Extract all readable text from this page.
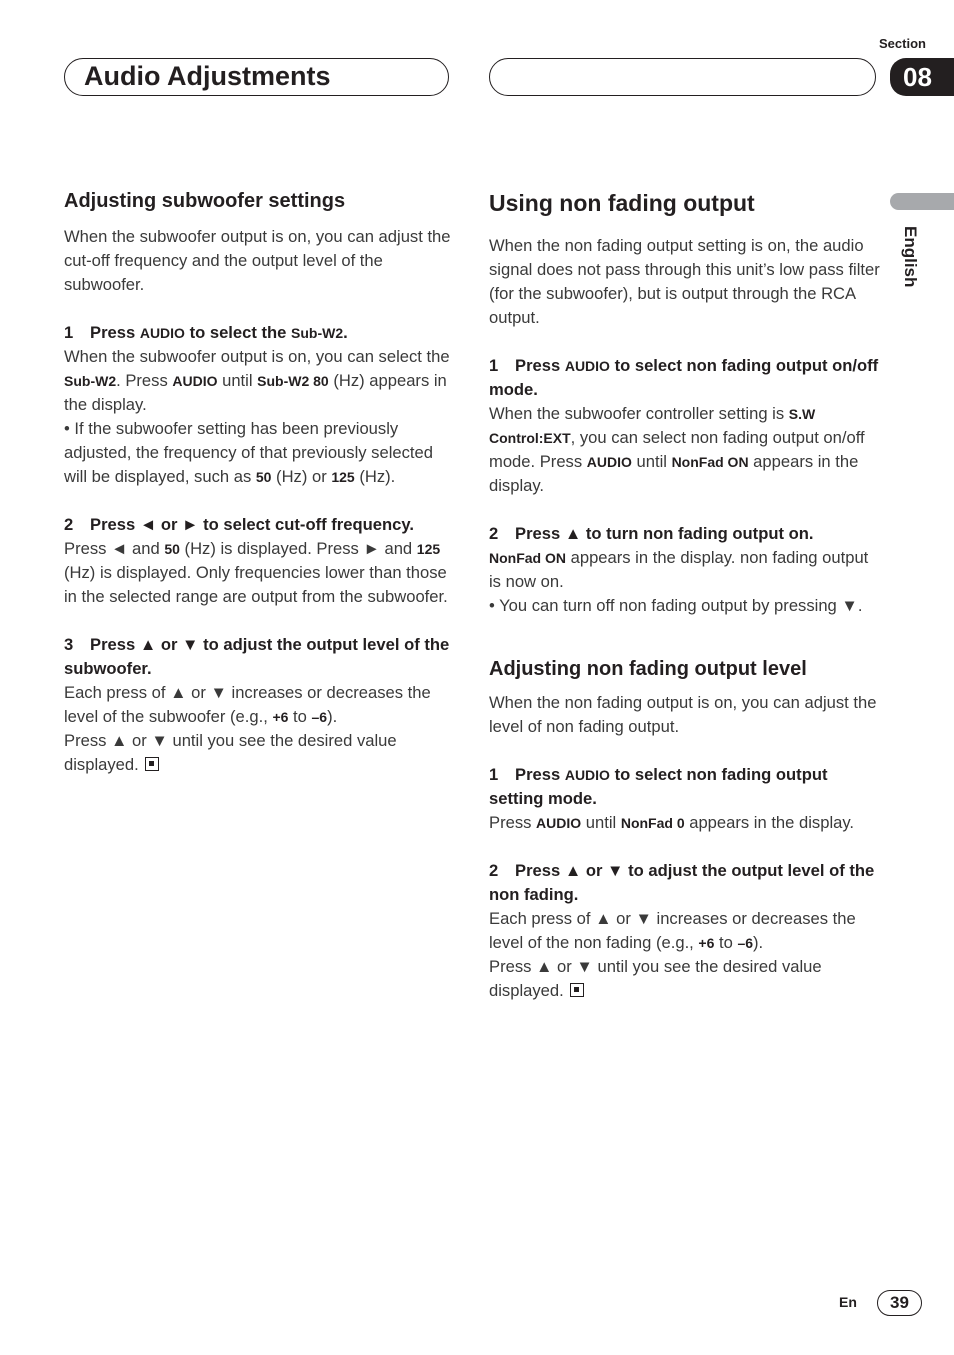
Section
Audio Adjustments	08
English
Adjusting subwoofer settings

When the subwoofer output is on, you can adjust the cut-off frequency and the output level of the subwoofer.

1 Press AUDIO to select the Sub-W2.

When the subwoofer output is on, you can select the Sub-W2. Press AUDIO until Sub-W2 80 (Hz) appears in the display.

• If the subwoofer setting has been previously adjusted, the frequency of that previously selected will be displayed, such as 50 (Hz) or 125 (Hz).

2 Press ◄ or ► to select cut-off frequency.

Press ◄ and 50 (Hz) is displayed. Press ► and 125 (Hz) is displayed. Only frequencies lower than those in the selected range are output from the subwoofer.

3 Press ▲ or ▼ to adjust the output level of the subwoofer.

Each press of ▲ or ▼ increases or decreases the level of the subwoofer (e.g., +6 to –6).
Press ▲ or ▼ until you see the desired value displayed.

Using non fading output

When the non fading output setting is on, the audio signal does not pass through this unit’s low pass filter (for the subwoofer), but is output through the RCA output.

1 Press AUDIO to select non fading output on/off mode.

When the subwoofer controller setting is S.W Control:EXT, you can select non fading output on/off mode. Press AUDIO until NonFad ON appears in the display.

2 Press ▲ to turn non fading output on.

NonFad ON appears in the display. non fading output is now on.

• You can turn off non fading output by pressing ▼.

Adjusting non fading output level

When the non fading output is on, you can adjust the level of non fading output.

1 Press AUDIO to select non fading output setting mode.

Press AUDIO until NonFad 0 appears in the display.

2 Press ▲ or ▼ to adjust the output level of the non fading.

Each press of ▲ or ▼ increases or decreases the level of the non fading (e.g., +6 to –6).
Press ▲ or ▼ until you see the desired value displayed.

En	39
